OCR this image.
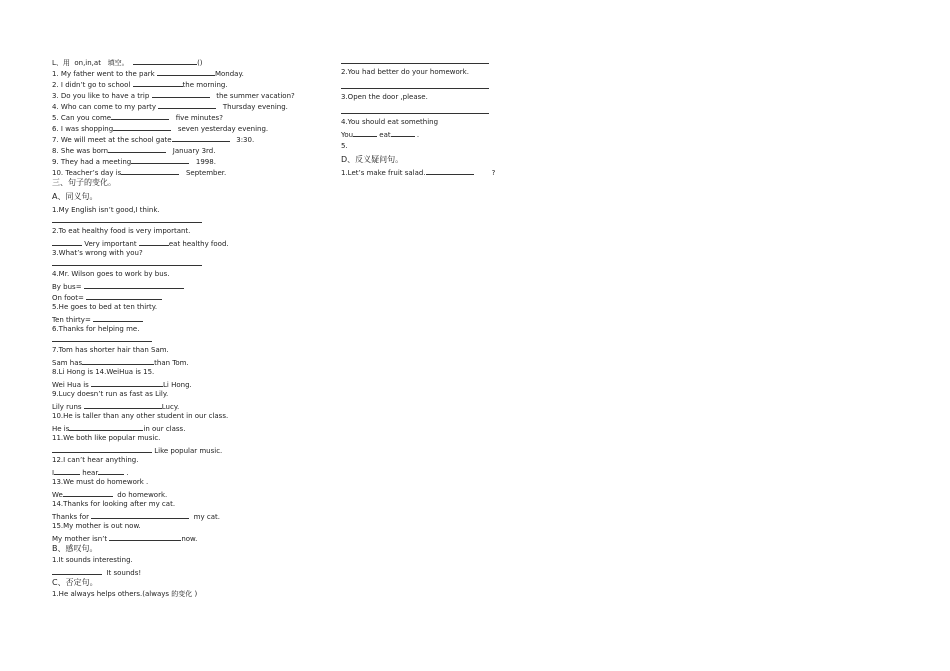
L、用  on,in,at   填空。	()
1. My father went to the park	Monday.
2. I didn’t go to school	the morning.
3. Do you like to have a trip	the summer vacation?
4. Who can come to my party	Thursday evening.
5. Can you come	five minutes?
6. I was shopping	seven yesterday evening.
7. We will meet at the school gate	3:30.
8. She was born	January 3rd.
9. They had a meeting	1998.
10. Teacher’s day is	September.
三、句子的变化。
A、同义句。
1.My English isn’t good,I think.
2.To eat healthy food is very important.
Very important	eat healthy food.
3.What’s wrong with you?
4.Mr. Wilson goes to work by bus.
By bus=
On foot=
5.He goes to bed at ten thirty.
Ten thirty=
6.Thanks for helping me.
7.Tom has shorter hair than Sam.
Sam has	than Tom.
8.Li Hong is 14.WeiHua is 15.
Wei Hua is	Li Hong.
9.Lucy doesn’t run as fast as Lily.
Lily runs	Lucy.
10.He is taller than any other student in our class.
He is	in our class.
11.We both like popular music.
Like popular music.
12.I can’t hear anything.
I	hear	.
13.We must do homework .
We	do homework.
14.Thanks for looking after my cat.
Thanks for	my cat.
15.My mother is out now.
My mother isn’t	now.
B、感叹句。
1.It sounds interesting.
It sounds!
C、否定句。
1.He always helps others.(always 的变化 )
2.You had better do your homework.
3.Open the door ,please.
4.You should eat something
You	eat	.
5.
D、反义疑问句。
1.Let’s make fruit salad.	?
